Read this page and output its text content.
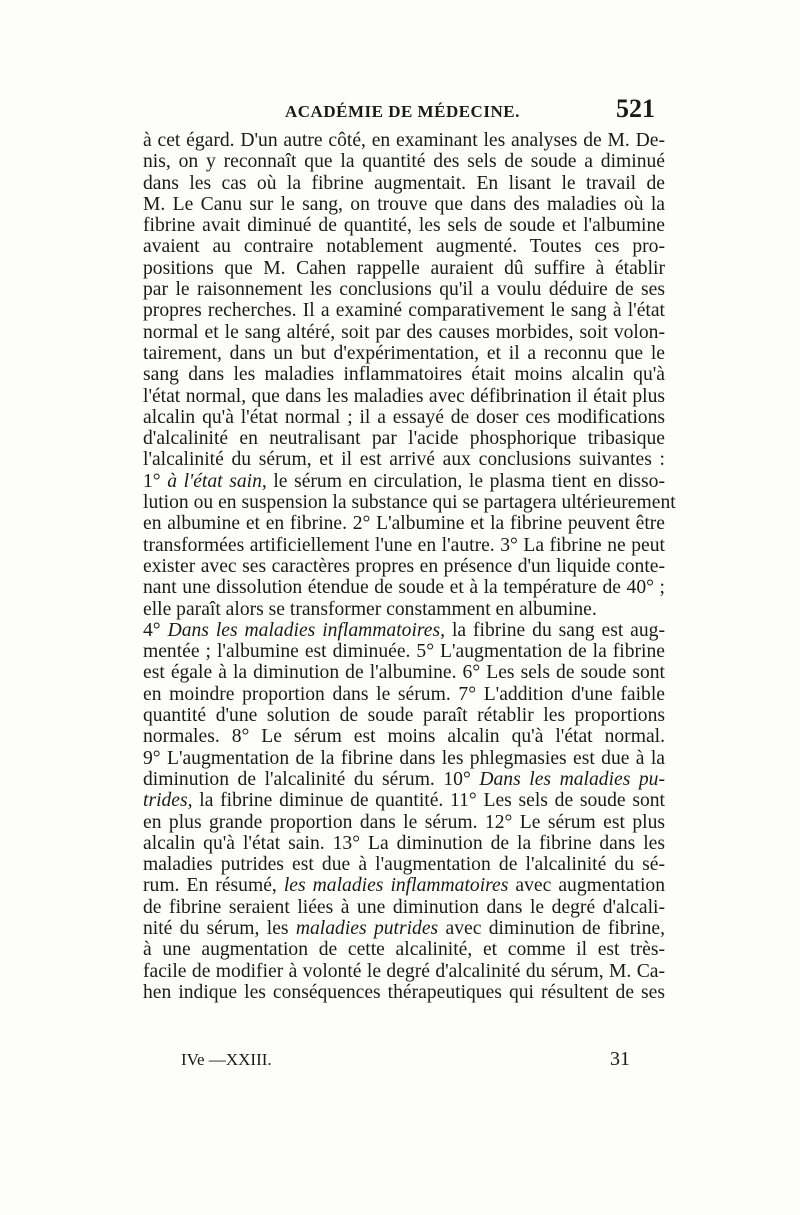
ACADÉMIE DE MÉDECINE.	521
à cet égard. D'un autre côté, en examinant les analyses de M. De-
nis, on y reconnaît que la quantité des sels de soude a diminué
dans les cas où la fibrine augmentait. En lisant le travail de
M. Le Canu sur le sang, on trouve que dans des maladies où la
fibrine avait diminué de quantité, les sels de soude et l'albumine
avaient au contraire notablement augmenté. Toutes ces pro-
positions que M. Cahen rappelle auraient dû suffire à établir
par le raisonnement les conclusions qu'il a voulu déduire de ses
propres recherches. Il a examiné comparativement le sang à l'état
normal et le sang altéré, soit par des causes morbides, soit volon-
tairement, dans un but d'expérimentation, et il a reconnu que le
sang dans les maladies inflammatoires était moins alcalin qu'à
l'état normal, que dans les maladies avec défibrination il était plus
alcalin qu'à l'état normal ; il a essayé de doser ces modifications
d'alcalinité en neutralisant par l'acide phosphorique tribasique
l'alcalinité du sérum, et il est arrivé aux conclusions suivantes :
1° à l'état sain, le sérum en circulation, le plasma tient en disso-
lution ou en suspension la substance qui se partagera ultérieurement
en albumine et en fibrine. 2° L'albumine et la fibrine peuvent être
transformées artificiellement l'une en l'autre. 3° La fibrine ne peut
exister avec ses caractères propres en présence d'un liquide conte-
nant une dissolution étendue de soude et à la température de 40° ;
elle paraît alors se transformer constamment en albumine.
4° Dans les maladies inflammatoires, la fibrine du sang est aug-
mentée ; l'albumine est diminuée. 5° L'augmentation de la fibrine
est égale à la diminution de l'albumine. 6° Les sels de soude sont
en moindre proportion dans le sérum. 7° L'addition d'une faible
quantité d'une solution de soude paraît rétablir les proportions
normales. 8° Le sérum est moins alcalin qu'à l'état normal.
9° L'augmentation de la fibrine dans les phlegmasies est due à la
diminution de l'alcalinité du sérum. 10° Dans les maladies pu-
trides, la fibrine diminue de quantité. 11° Les sels de soude sont
en plus grande proportion dans le sérum. 12° Le sérum est plus
alcalin qu'à l'état sain. 13° La diminution de la fibrine dans les
maladies putrides est due à l'augmentation de l'alcalinité du sé-
rum. En résumé, les maladies inflammatoires avec augmentation
de fibrine seraient liées à une diminution dans le degré d'alcali-
nité du sérum, les maladies putrides avec diminution de fibrine,
à une augmentation de cette alcalinité, et comme il est très-
facile de modifier à volonté le degré d'alcalinité du sérum, M. Ca-
hen indique les conséquences thérapeutiques qui résultent de ses
IVe —XXIII.	31
